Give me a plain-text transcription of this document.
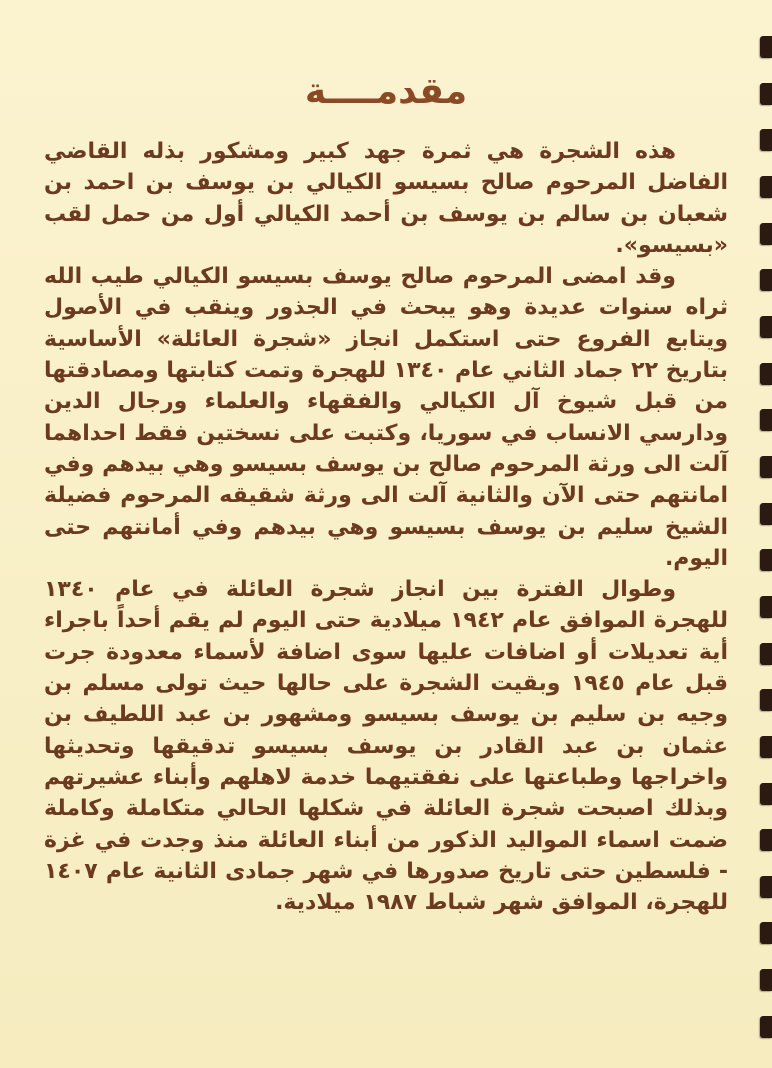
مقدمــــة

هذه الشجرة هي ثمرة جهد كبير ومشكور بذله القاضي الفاضل المرحوم صالح بسيسو الكيالي بن يوسف بن احمد بن شعبان بن سالم بن يوسف بن أحمد الكيالي أول من حمل لقب «بسيسو».

وقد امضى المرحوم صالح يوسف بسيسو الكيالي طيب الله ثراه سنوات عديدة وهو يبحث في الجذور وينقب في الأصول ويتابع الفروع حتى استكمل انجاز «شجرة العائلة» الأساسية بتاريخ ٢٢ جماد الثاني عام ١٣٤٠ للهجرة وتمت كتابتها ومصادقتها من قبل شيوخ آل الكيالي والفقهاء والعلماء ورجال الدين ودارسي الانساب في سوريا، وكتبت على نسختين فقط احداهما آلت الى ورثة المرحوم صالح بن يوسف بسيسو وهي بيدهم وفي امانتهم حتى الآن والثانية آلت الى ورثة شقيقه المرحوم فضيلة الشيخ سليم بن يوسف بسيسو وهي بيدهم وفي أمانتهم حتى اليوم.

وطوال الفترة بين انجاز شجرة العائلة في عام ١٣٤٠ للهجرة الموافق عام ١٩٤٢ ميلادية حتى اليوم لم يقم أحداً باجراء أية تعديلات أو اضافات عليها سوى اضافة لأسماء معدودة جرت قبل عام ١٩٤٥ وبقيت الشجرة على حالها حيث تولى مسلم بن وجيه بن سليم بن يوسف بسيسو ومشهور بن عبد اللطيف بن عثمان بن عبد القادر بن يوسف بسيسو تدقيقها وتحديثها واخراجها وطباعتها على نفقتيهما خدمة لاهلهم وأبناء عشيرتهم وبذلك اصبحت شجرة العائلة في شكلها الحالي متكاملة وكاملة ضمت اسماء المواليد الذكور من أبناء العائلة منذ وجدت في غزة - فلسطين حتى تاريخ صدورها في شهر جمادى الثانية عام ١٤٠٧ للهجرة، الموافق شهر شباط ١٩٨٧ ميلادية.
